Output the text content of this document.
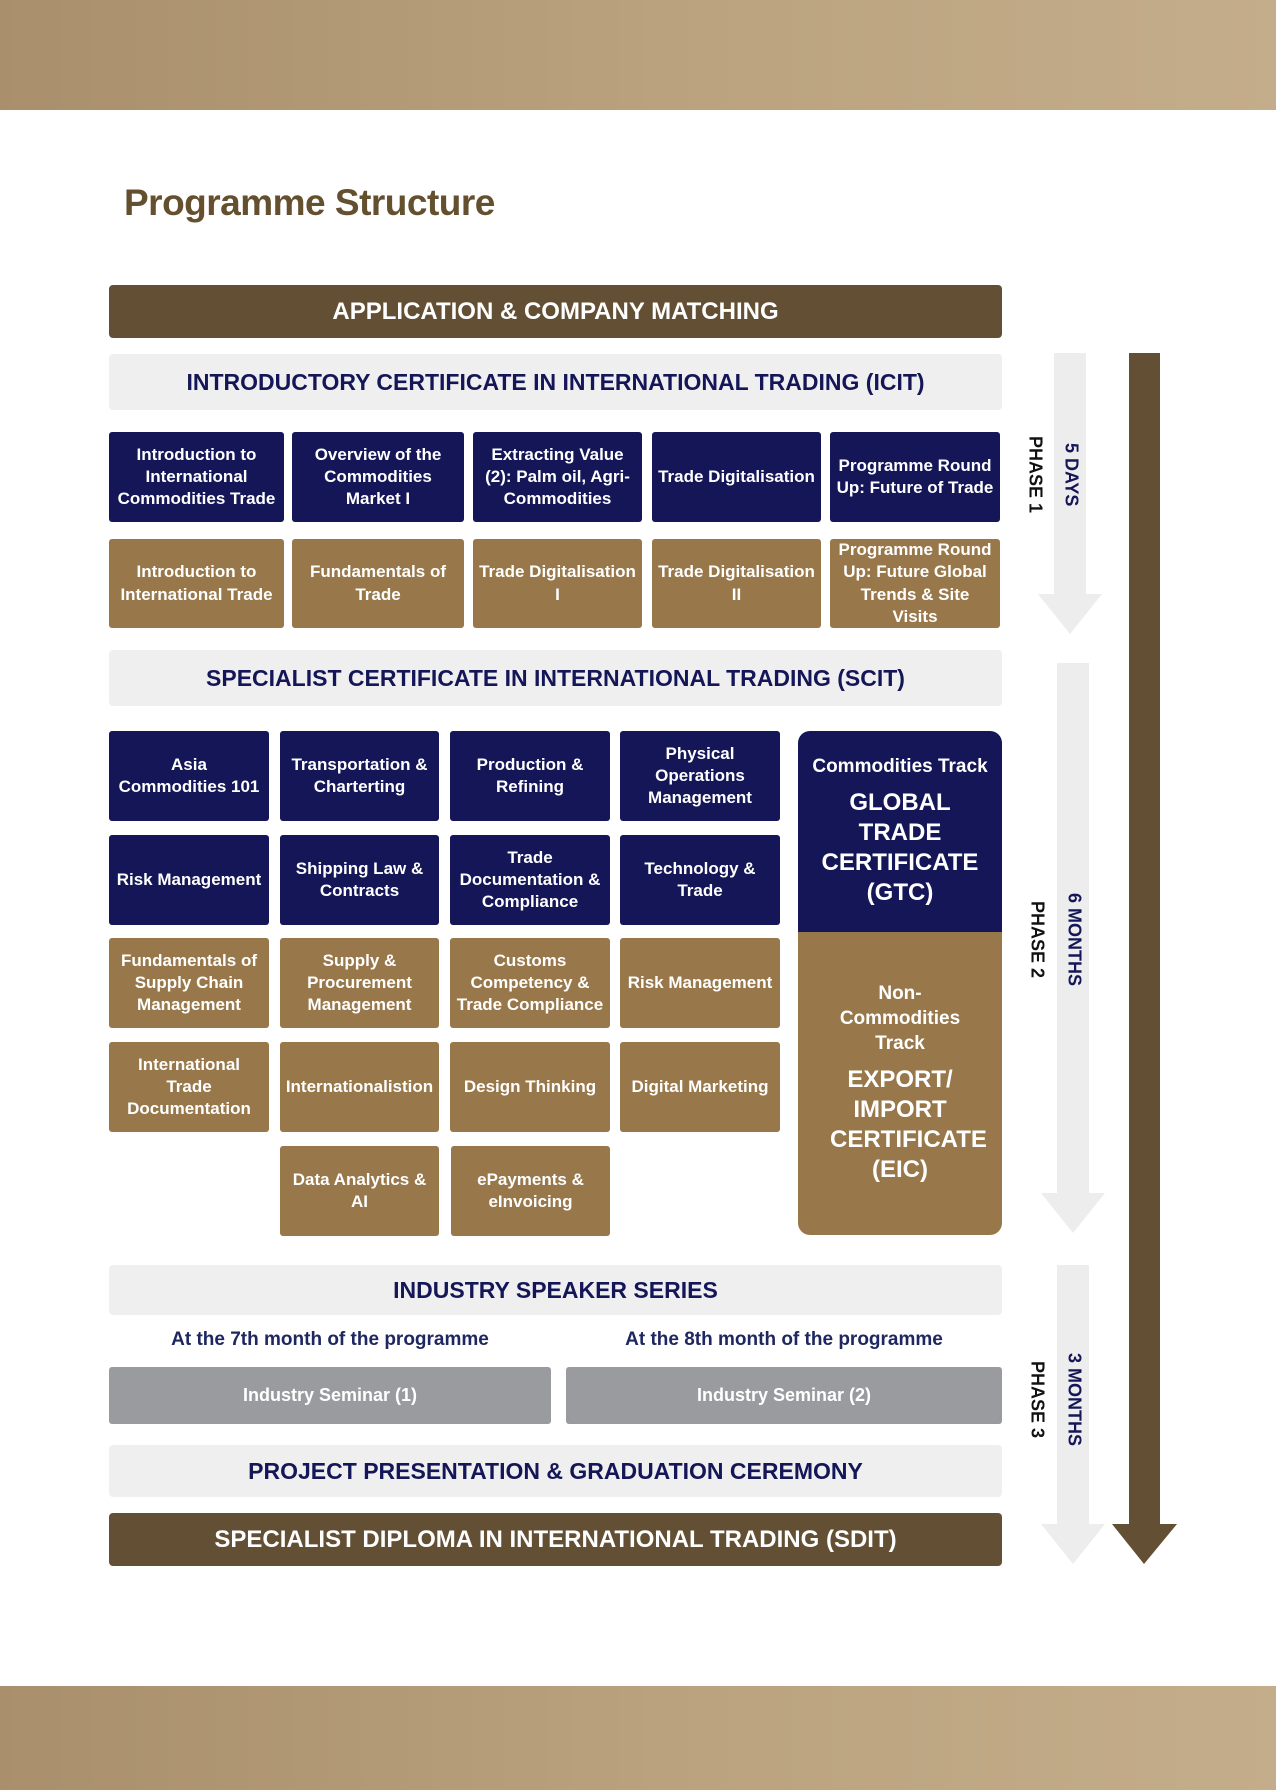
Programme Structure
APPLICATION & COMPANY MATCHING
INTRODUCTORY CERTIFICATE IN INTERNATIONAL TRADING (ICIT)
Introduction to International Commodities Trade
Overview of the Commodities Market I
Extracting Value (2): Palm oil, Agri-Commodities
Trade Digitalisation
Programme Round Up: Future of Trade
Introduction to International Trade
Fundamentals of Trade
Trade Digitalisation I
Trade Digitalisation II
Programme Round Up: Future Global Trends & Site Visits
SPECIALIST CERTIFICATE IN INTERNATIONAL TRADING (SCIT)
Asia Commodities 101
Transportation & Charterting
Production & Refining
Physical Operations Management
Risk Management
Shipping Law & Contracts
Trade Documentation & Compliance
Technology & Trade
Fundamentals of Supply Chain Management
Supply & Procurement Management
Customs Competency & Trade Compliance
Risk Management
International Trade Documentation
Internationalistion	Design Thinking	Digital Marketing
Data Analytics & AI
ePayments & eInvoicing
Commodities Track
GLOBAL TRADE CERTIFICATE (GTC)
Non-Commodities Track
EXPORT/ IMPORT CERTIFICATE (EIC)
INDUSTRY SPEAKER SERIES
At the 7th month of the programme	At the 8th month of the programme
Industry Seminar (1)	Industry Seminar (2)
PROJECT PRESENTATION & GRADUATION CEREMONY
SPECIALIST DIPLOMA IN INTERNATIONAL TRADING (SDIT)
5 DAYS
PHASE 1
6 MONTHS
PHASE 2
3 MONTHS
PHASE 3
